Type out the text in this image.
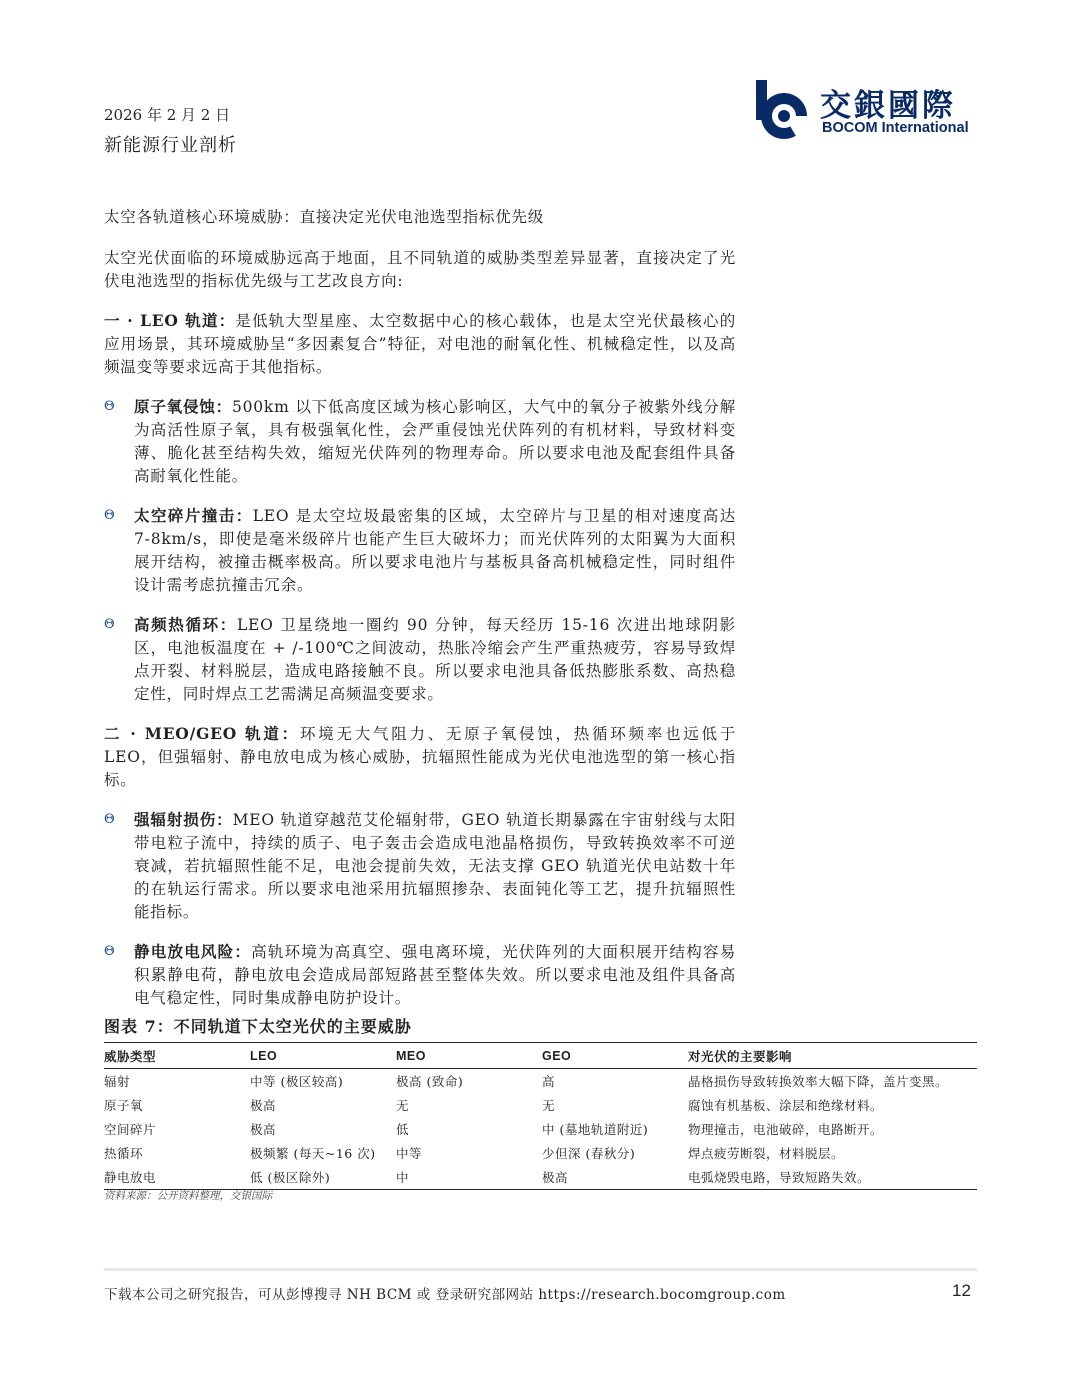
2026 年 2 月 2 日
新能源行业剖析
交銀國際
BOCOM International

太空各轨道核心环境威胁：直接决定光伏电池选型指标优先级

太空光伏面临的环境威胁远高于地面，且不同轨道的威胁类型差异显著，直接决定了光伏电池选型的指标优先级与工艺改良方向:

一 · LEO 轨道：是低轨大型星座、太空数据中心的核心载体，也是太空光伏最核心的应用场景，其环境威胁呈“多因素复合”特征，对电池的耐氧化性、机械稳定性，以及高频温变等要求远高于其他指标。

Θ 原子氧侵蚀：500km 以下低高度区域为核心影响区，大气中的氧分子被紫外线分解为高活性原子氧，具有极强氧化性，会严重侵蚀光伏阵列的有机材料，导致材料变薄、脆化甚至结构失效，缩短光伏阵列的物理寿命。所以要求电池及配套组件具备高耐氧化性能。
Θ 太空碎片撞击：LEO 是太空垃圾最密集的区域，太空碎片与卫星的相对速度高达 7-8km/s，即使是毫米级碎片也能产生巨大破坏力；而光伏阵列的太阳翼为大面积展开结构，被撞击概率极高。所以要求电池片与基板具备高机械稳定性，同时组件设计需考虑抗撞击冗余。
Θ 高频热循环：LEO 卫星绕地一圈约 90 分钟，每天经历 15-16 次进出地球阴影区，电池板温度在 + /-100℃之间波动，热胀冷缩会产生严重热疲劳，容易导致焊点开裂、材料脱层，造成电路接触不良。所以要求电池具备低热膨胀系数、高热稳定性，同时焊点工艺需满足高频温变要求。

二 · MEO/GEO 轨道：环境无大气阻力、无原子氧侵蚀，热循环频率也远低于 LEO，但强辐射、静电放电成为核心威胁，抗辐照性能成为光伏电池选型的第一核心指标。

Θ 强辐射损伤：MEO 轨道穿越范艾伦辐射带，GEO 轨道长期暴露在宇宙射线与太阳带电粒子流中，持续的质子、电子轰击会造成电池晶格损伤，导致转换效率不可逆衰减，若抗辐照性能不足，电池会提前失效，无法支撑 GEO 轨道光伏电站数十年的在轨运行需求。所以要求电池采用抗辐照掺杂、表面钝化等工艺，提升抗辐照性能指标。
Θ 静电放电风险：高轨环境为高真空、强电离环境，光伏阵列的大面积展开结构容易积累静电荷，静电放电会造成局部短路甚至整体失效。所以要求电池及组件具备高电气稳定性，同时集成静电防护设计。
图表 7：不同轨道下太空光伏的主要威胁
威胁类型	LEO	MEO	GEO	对光伏的主要影响
辐射	中等 (极区较高)	极高 (致命)	高	晶格损伤导致转换效率大幅下降，盖片变黑。
原子氧	极高	无	无	腐蚀有机基板、涂层和绝缘材料。
空间碎片	极高	低	中 (墓地轨道附近)	物理撞击，电池破碎，电路断开。
热循环	极频繁 (每天~16 次)	中等	少但深 (春秋分)	焊点疲劳断裂，材料脱层。
静电放电	低 (极区除外)	中	极高	电弧烧毁电路，导致短路失效。
资料来源：公开资料整理，交银国际
下载本公司之研究报告，可从彭博搜寻 NH BCM 或 登录研究部网站 https://research.bocomgroup.com	12
